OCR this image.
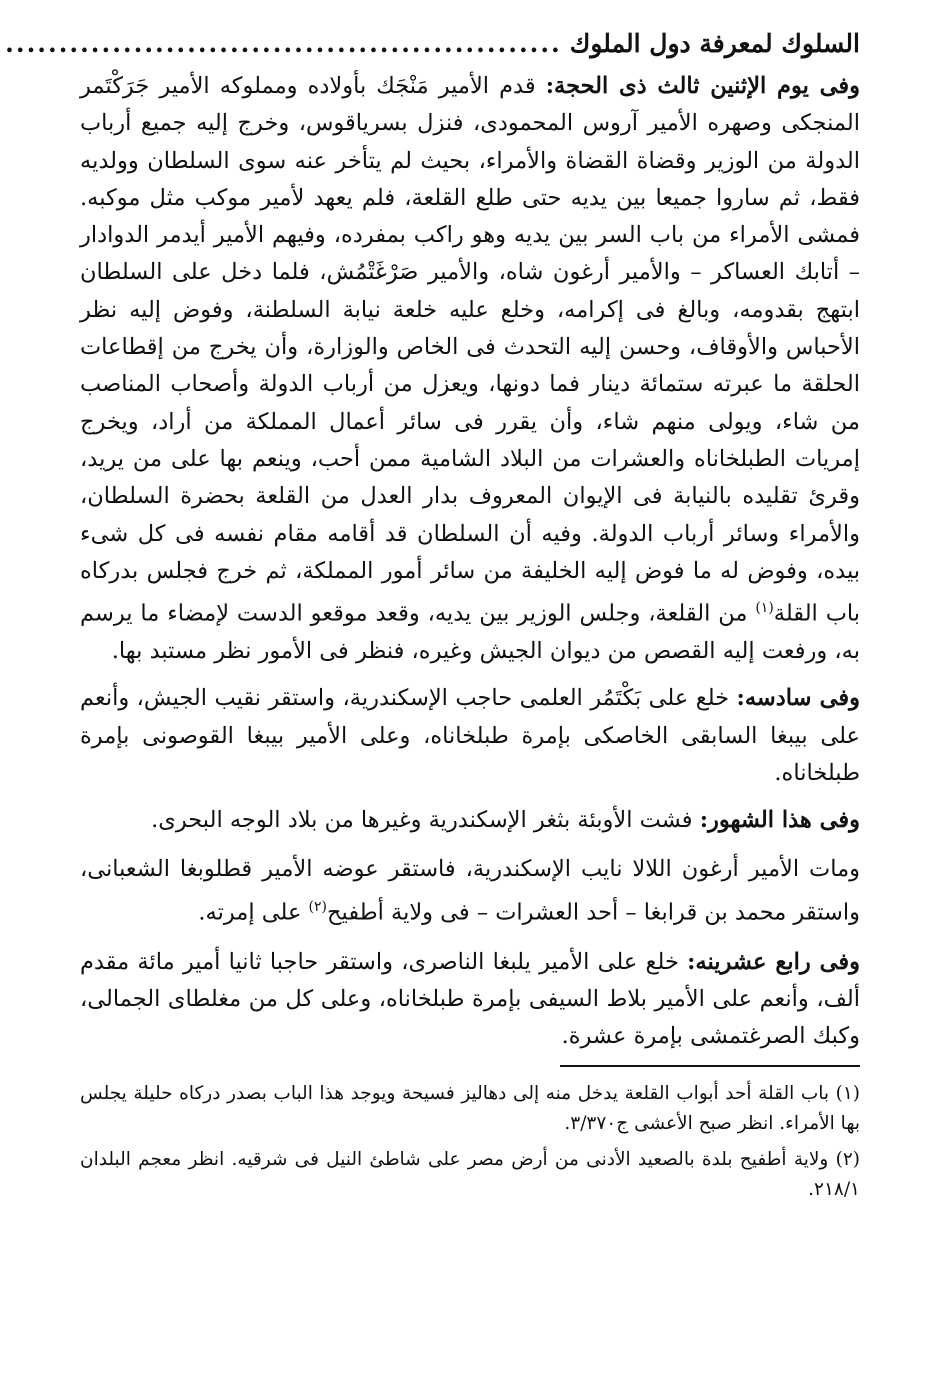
السلوك لمعرفة دول الملوك
....................................................

وفى يوم الإثنين ثالث ذى الحجة: قدم الأمير مَنْجَك بأولاده ومملوكه الأمير جَرَكْتَمر المنجكى وصهره الأمير آروس المحمودى، فنزل بسرياقوس، وخرج إليه جميع أرباب الدولة من الوزير وقضاة القضاة والأمراء، بحيث لم يتأخر عنه سوى السلطان وولديه فقط، ثم ساروا جميعا بين يديه حتى طلع القلعة، فلم يعهد لأمير موكب مثل موكبه. فمشى الأمراء من باب السر بين يديه وهو راكب بمفرده، وفيهم الأمير أيدمر الدوادار – أتابك العساكر – والأمير أرغون شاه، والأمير صَرْغَتْمُش، فلما دخل على السلطان ابتهج بقدومه، وبالغ فى إكرامه، وخلع عليه خلعة نيابة السلطنة، وفوض إليه نظر الأحباس والأوقاف، وحسن إليه التحدث فى الخاص والوزارة، وأن يخرج من إقطاعات الحلقة ما عبرته ستمائة دينار فما دونها، ويعزل من أرباب الدولة وأصحاب المناصب من شاء، ويولى منهم شاء، وأن يقرر فى سائر أعمال المملكة من أراد، ويخرج إمريات الطبلخاناه والعشرات من البلاد الشامية ممن أحب، وينعم بها على من يريد، وقرئ تقليده بالنيابة فى الإيوان المعروف بدار العدل من القلعة بحضرة السلطان، والأمراء وسائر أرباب الدولة. وفيه أن السلطان قد أقامه مقام نفسه فى كل شىء بيده، وفوض له ما فوض إليه الخليفة من سائر أمور المملكة، ثم خرج فجلس بدركاه باب القلة$^{(١)}$ من القلعة، وجلس الوزير بين يديه، وقعد موقعو الدست لإمضاء ما يرسم به، ورفعت إليه القصص من ديوان الجيش وغيره، فنظر فى الأمور نظر مستبد بها.

وفى سادسه: خلع على بَكْتَمُر العلمى حاجب الإسكندرية، واستقر نقيب الجيش، وأنعم على بيبغا السابقى الخاصكى بإمرة طبلخاناه، وعلى الأمير بيبغا القوصونى بإمرة طبلخاناه.

وفى هذا الشهور: فشت الأوبئة بثغر الإسكندرية وغيرها من بلاد الوجه البحرى.

ومات الأمير أرغون اللالا نايب الإسكندرية، فاستقر عوضه الأمير قطلوبغا الشعبانى، واستقر محمد بن قرابغا – أحد العشرات – فى ولاية أطفيح$^{(٢)}$ على إمرته.

وفى رابع عشرينه: خلع على الأمير يلبغا الناصرى، واستقر حاجبا ثانيا أمير مائة مقدم ألف، وأنعم على الأمير بلاط السيفى بإمرة طبلخاناه، وعلى كل من مغلطاى الجمالى، وكبك الصرغتمشى بإمرة عشرة.

(١) باب القلة أحد أبواب القلعة يدخل منه إلى دهاليز فسيحة ويوجد هذا الباب بصدر دركاه حليلة يجلس بها الأمراء. انظر صبح الأعشى ج٣/٣٧٠.

(٢) ولاية أطفيح بلدة بالصعيد الأدنى من أرض مصر على شاطئ النيل فى شرقيه. انظر معجم البلدان ٢١٨/١.
